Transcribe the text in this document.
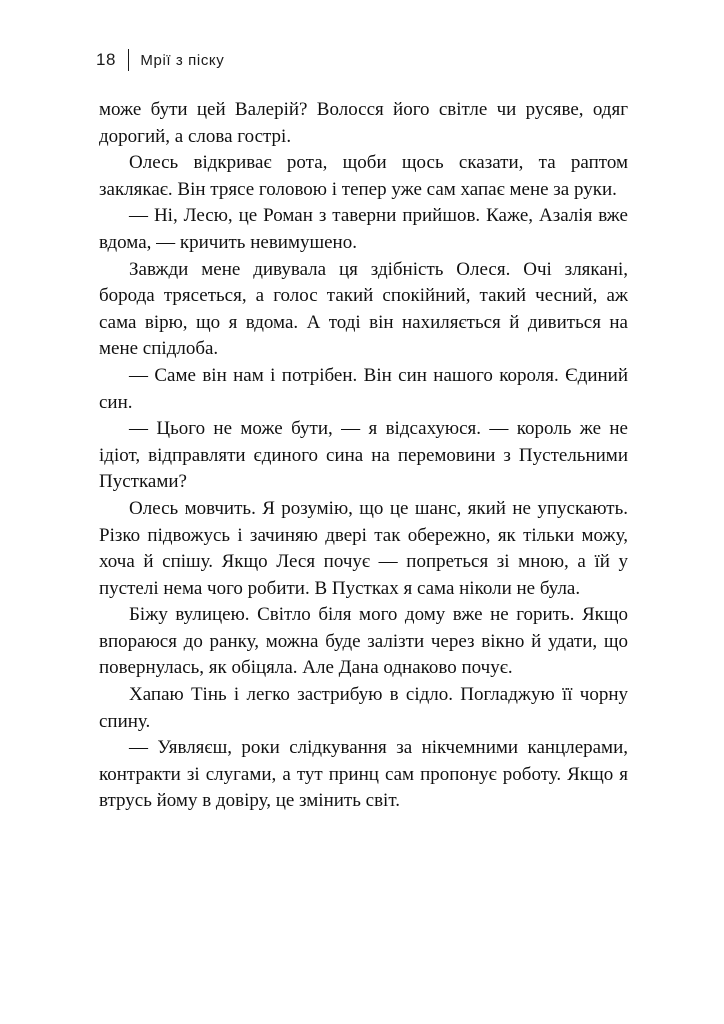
18 Мрії з піску

може бути цей Валерій? Волосся його світле чи русяве, одяг дорогий, а слова гострі.

Олесь відкриває рота, щоби щось сказати, та раптом заклякає. Він трясе головою і тепер уже сам хапає мене за руки.

— Ні, Лесю, це Роман з таверни прийшов. Каже, Азалія вже вдома, — кричить невимушено.

Завжди мене дивувала ця здібність Олеся. Очі злякані, борода трясеться, а голос такий спокійний, такий чесний, аж сама вірю, що я вдома. А тоді він нахиляється й дивиться на мене спідлоба.

— Саме він нам і потрібен. Він син нашого короля. Єдиний син.

— Цього не може бути, — я відсахуюся. — король же не ідіот, відправляти єдиного сина на перемовини з Пустельними Пустками?

Олесь мовчить. Я розумію, що це шанс, який не упускають. Різко підвожусь і зачиняю двері так обережно, як тільки можу, хоча й спішу. Якщо Леся почує — попреться зі мною, а їй у пустелі нема чого робити. В Пустках я сама ніколи не була.

Біжу вулицею. Світло біля мого дому вже не горить. Якщо впораюся до ранку, можна буде залізти через вікно й удати, що повернулась, як обіцяла. Але Дана однаково почує.

Хапаю Тінь і легко застрибую в сідло. Погладжую її чорну спину.

— Уявляєш, роки слідкування за нікчемними канцлерами, контракти зі слугами, а тут принц сам пропонує роботу. Якщо я втрусь йому в довіру, це змінить світ.
